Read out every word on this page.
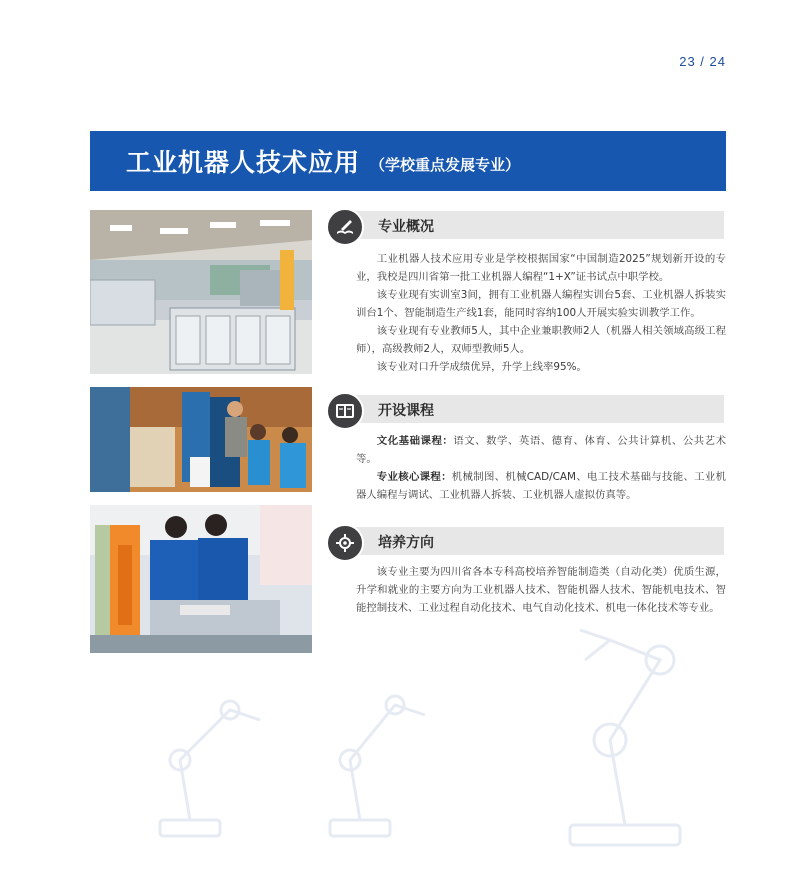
23 / 24
工业机器人技术应用 （学校重点发展专业）
专业概况

工业机器人技术应用专业是学校根据国家“中国制造2025”规划新开设的专业，我校是四川省第一批工业机器人编程“1+X”证书试点中职学校。

该专业现有实训室3间，拥有工业机器人编程实训台5套、工业机器人拆装实训台1个、智能制造生产线1套，能同时容纳100人开展实验实训教学工作。

该专业现有专业教师5人，其中企业兼职教师2人（机器人相关领域高级工程师），高级教师2人，双师型教师5人。

该专业对口升学成绩优异，升学上线率95%。

开设课程

文化基础课程：语文、数学、英语、德育、体育、公共计算机、公共艺术等。

专业核心课程：机械制图、机械CAD/CAM、电工技术基础与技能、工业机器人编程与调试、工业机器人拆装、工业机器人虚拟仿真等。

培养方向

该专业主要为四川省各本专科高校培养智能制造类（自动化类）优质生源，升学和就业的主要方向为工业机器人技术、智能机器人技术、智能机电技术、智能控制技术、工业过程自动化技术、电气自动化技术、机电一体化技术等专业。
